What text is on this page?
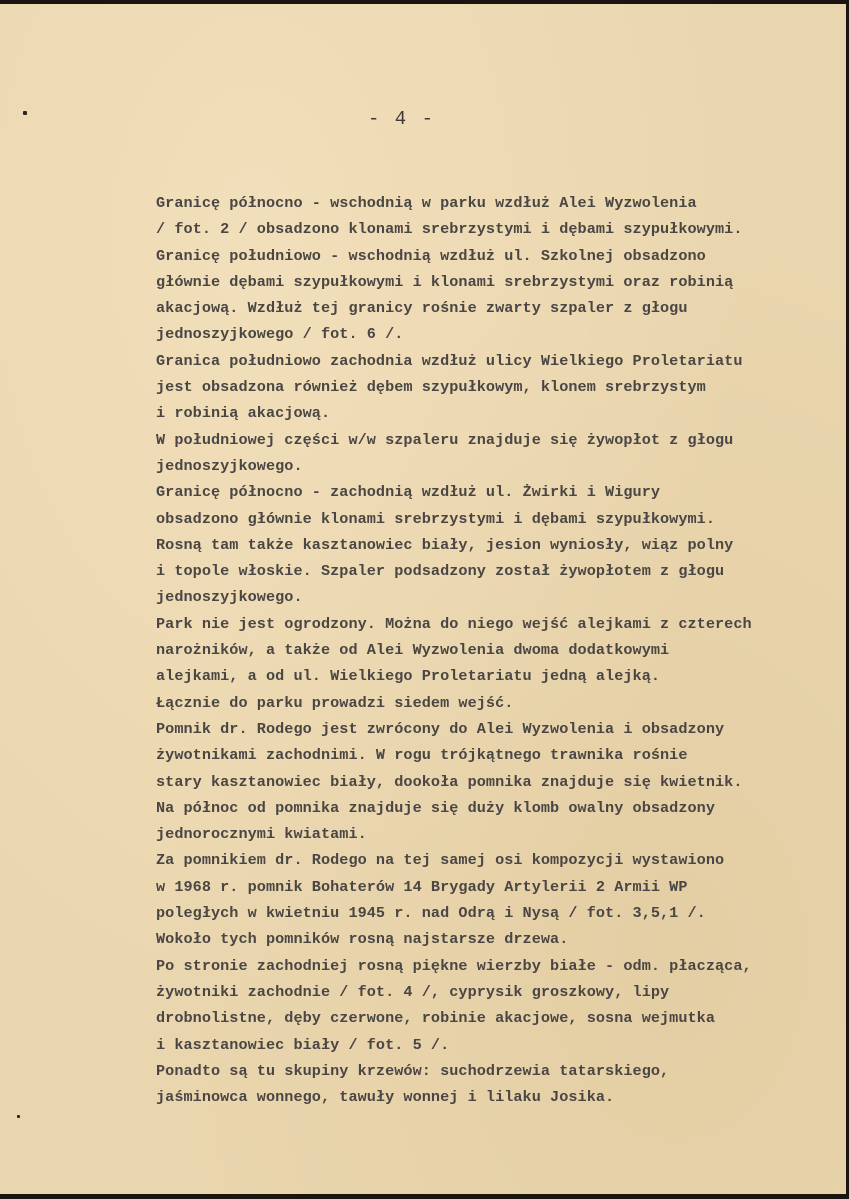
- 4 -
Granicę północno - wschodnią w parku wzdłuż Alei Wyzwolenia
/ fot. 2 / obsadzono klonami srebrzystymi i dębami szypułkowymi.
Granicę południowo - wschodnią wzdłuż ul. Szkolnej obsadzono
głównie dębami szypułkowymi i klonami srebrzystymi oraz robinią
akacjową. Wzdłuż tej granicy rośnie zwarty szpaler z głogu
jednoszyjkowego / fot. 6 /.
Granica południowo zachodnia wzdłuż ulicy Wielkiego Proletariatu
jest obsadzona również dębem szypułkowym, klonem srebrzystym
i robinią akacjową.
W południowej części w/w szpaleru znajduje się żywopłot z głogu
jednoszyjkowego.
Granicę północno - zachodnią wzdłuż ul. Żwirki i Wigury
obsadzono głównie klonami srebrzystymi i dębami szypułkowymi.
Rosną tam także kasztanowiec biały, jesion wyniosły, wiąz polny
i topole włoskie. Szpaler podsadzony został żywopłotem z głogu
jednoszyjkowego.
Park nie jest ogrodzony. Można do niego wejść alejkami z czterech
narożników, a także od Alei Wyzwolenia dwoma dodatkowymi
alejkami, a od ul. Wielkiego Proletariatu jedną alejką.
Łącznie do parku prowadzi siedem wejść.
Pomnik dr. Rodego jest zwrócony do Alei Wyzwolenia i obsadzony
żywotnikami zachodnimi. W rogu trójkątnego trawnika rośnie
stary kasztanowiec biały, dookoła pomnika znajduje się kwietnik.
Na północ od pomnika znajduje się duży klomb owalny obsadzony
jednorocznymi kwiatami.
Za pomnikiem dr. Rodego na tej samej osi kompozycji wystawiono
w 1968 r. pomnik Bohaterów 14 Brygady Artylerii 2 Armii WP
poległych w kwietniu 1945 r. nad Odrą i Nysą / fot. 3,5,1 /.
Wokoło tych pomników rosną najstarsze drzewa.
Po stronie zachodniej rosną piękne wierzby białe - odm. płacząca,
żywotniki zachodnie / fot. 4 /, cyprysik groszkowy, lipy
drobnolistne, dęby czerwone, robinie akacjowe, sosna wejmutka
i kasztanowiec biały / fot. 5 /.
Ponadto są tu skupiny krzewów: suchodrzewia tatarskiego,
jaśminowca wonnego, tawuły wonnej i lilaku Josika.
